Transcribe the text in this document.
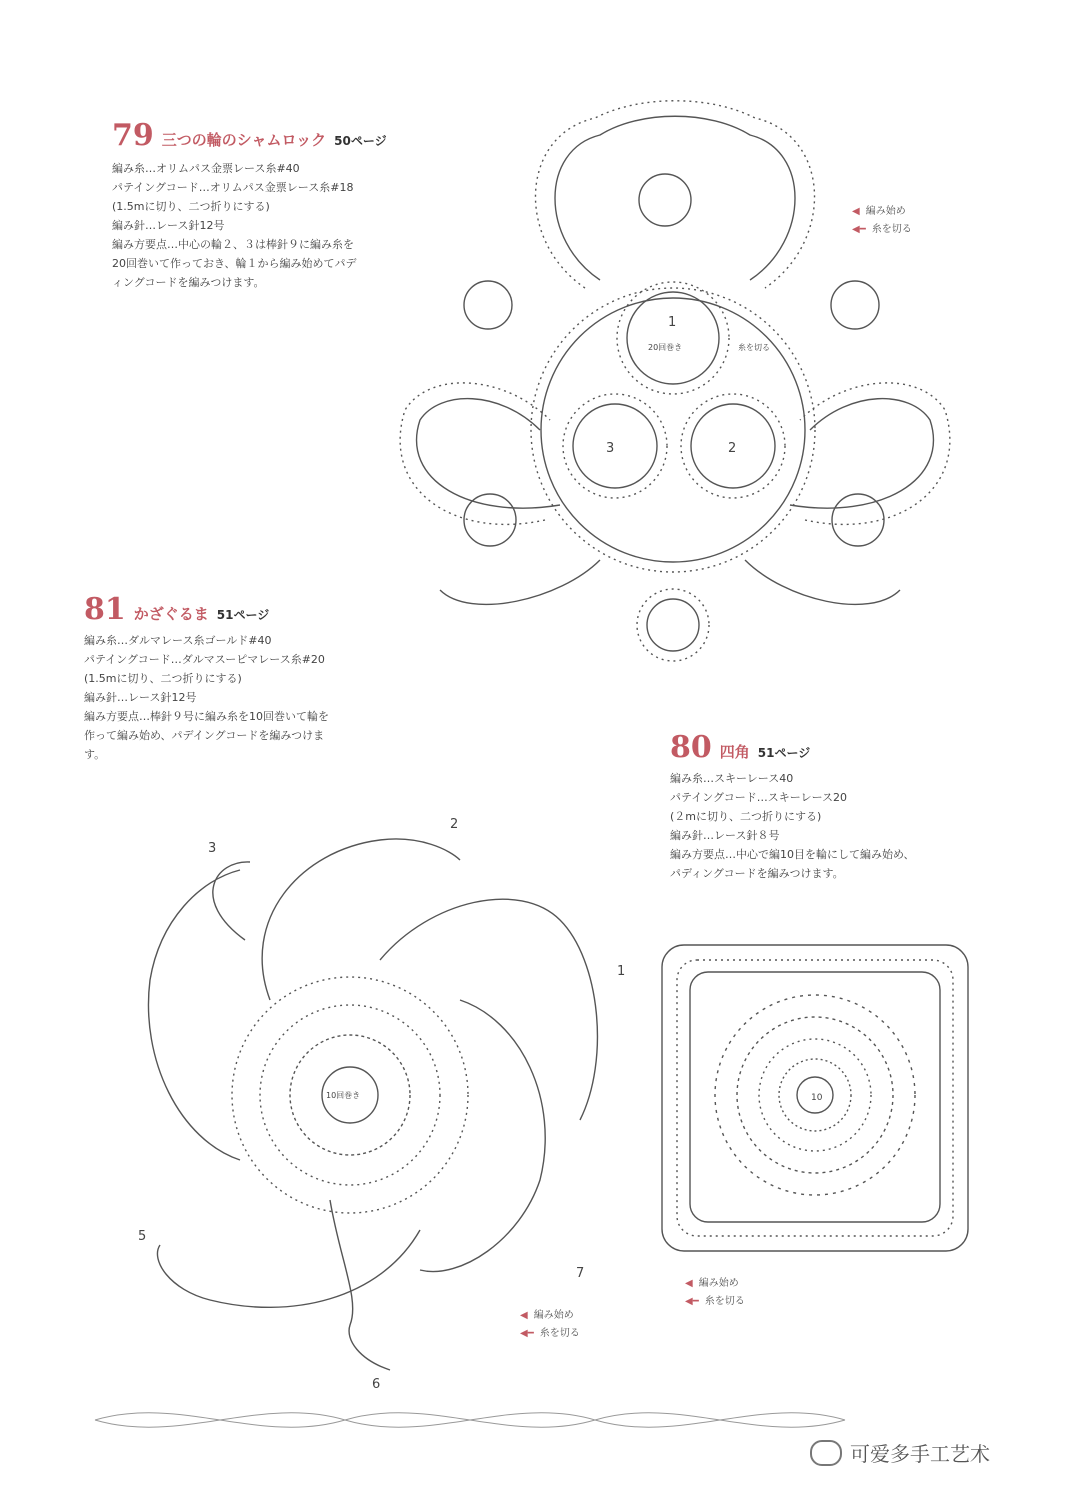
79 三つの輪のシャムロック 50ページ
編み糸…オリムパス金票レース糸#40
パテイングコード…オリムパス金票レース糸#18
(1.5mに切り、二つ折りにする)
編み針…レース針12号
編み方要点…中心の輪２、３は棒針９に編み糸を
20回巻いて作っておき、輪１から編み始めてパデ
ィングコードを編みつけます。
81 かざぐるま 51ページ
編み糸…ダルマレース糸ゴールド#40
パテイングコード…ダルマスーピマレース糸#20
(1.5mに切り、二つ折りにする)
編み針…レース針12号
編み方要点…棒針９号に編み糸を10回巻いて輪を
作って編み始め、パデイングコードを編みつけま
す。	80 四角 51ページ
編み糸…スキーレース40
パテイングコード…スキーレース20
(２mに切り、二つ折りにする)
編み針…レース針８号
編み方要点…中心で編10目を輪にして編み始め、
パディングコードを編みつけます。
1
3	2
20回巻き	糸を切る
10回巻き
1
2
3
5
6
7
10
◀ 編み始め
◀━ 糸を切る
◀ 編み始め
◀━ 糸を切る
◀ 編み始め
◀━ 糸を切る
可爱多手工艺术
